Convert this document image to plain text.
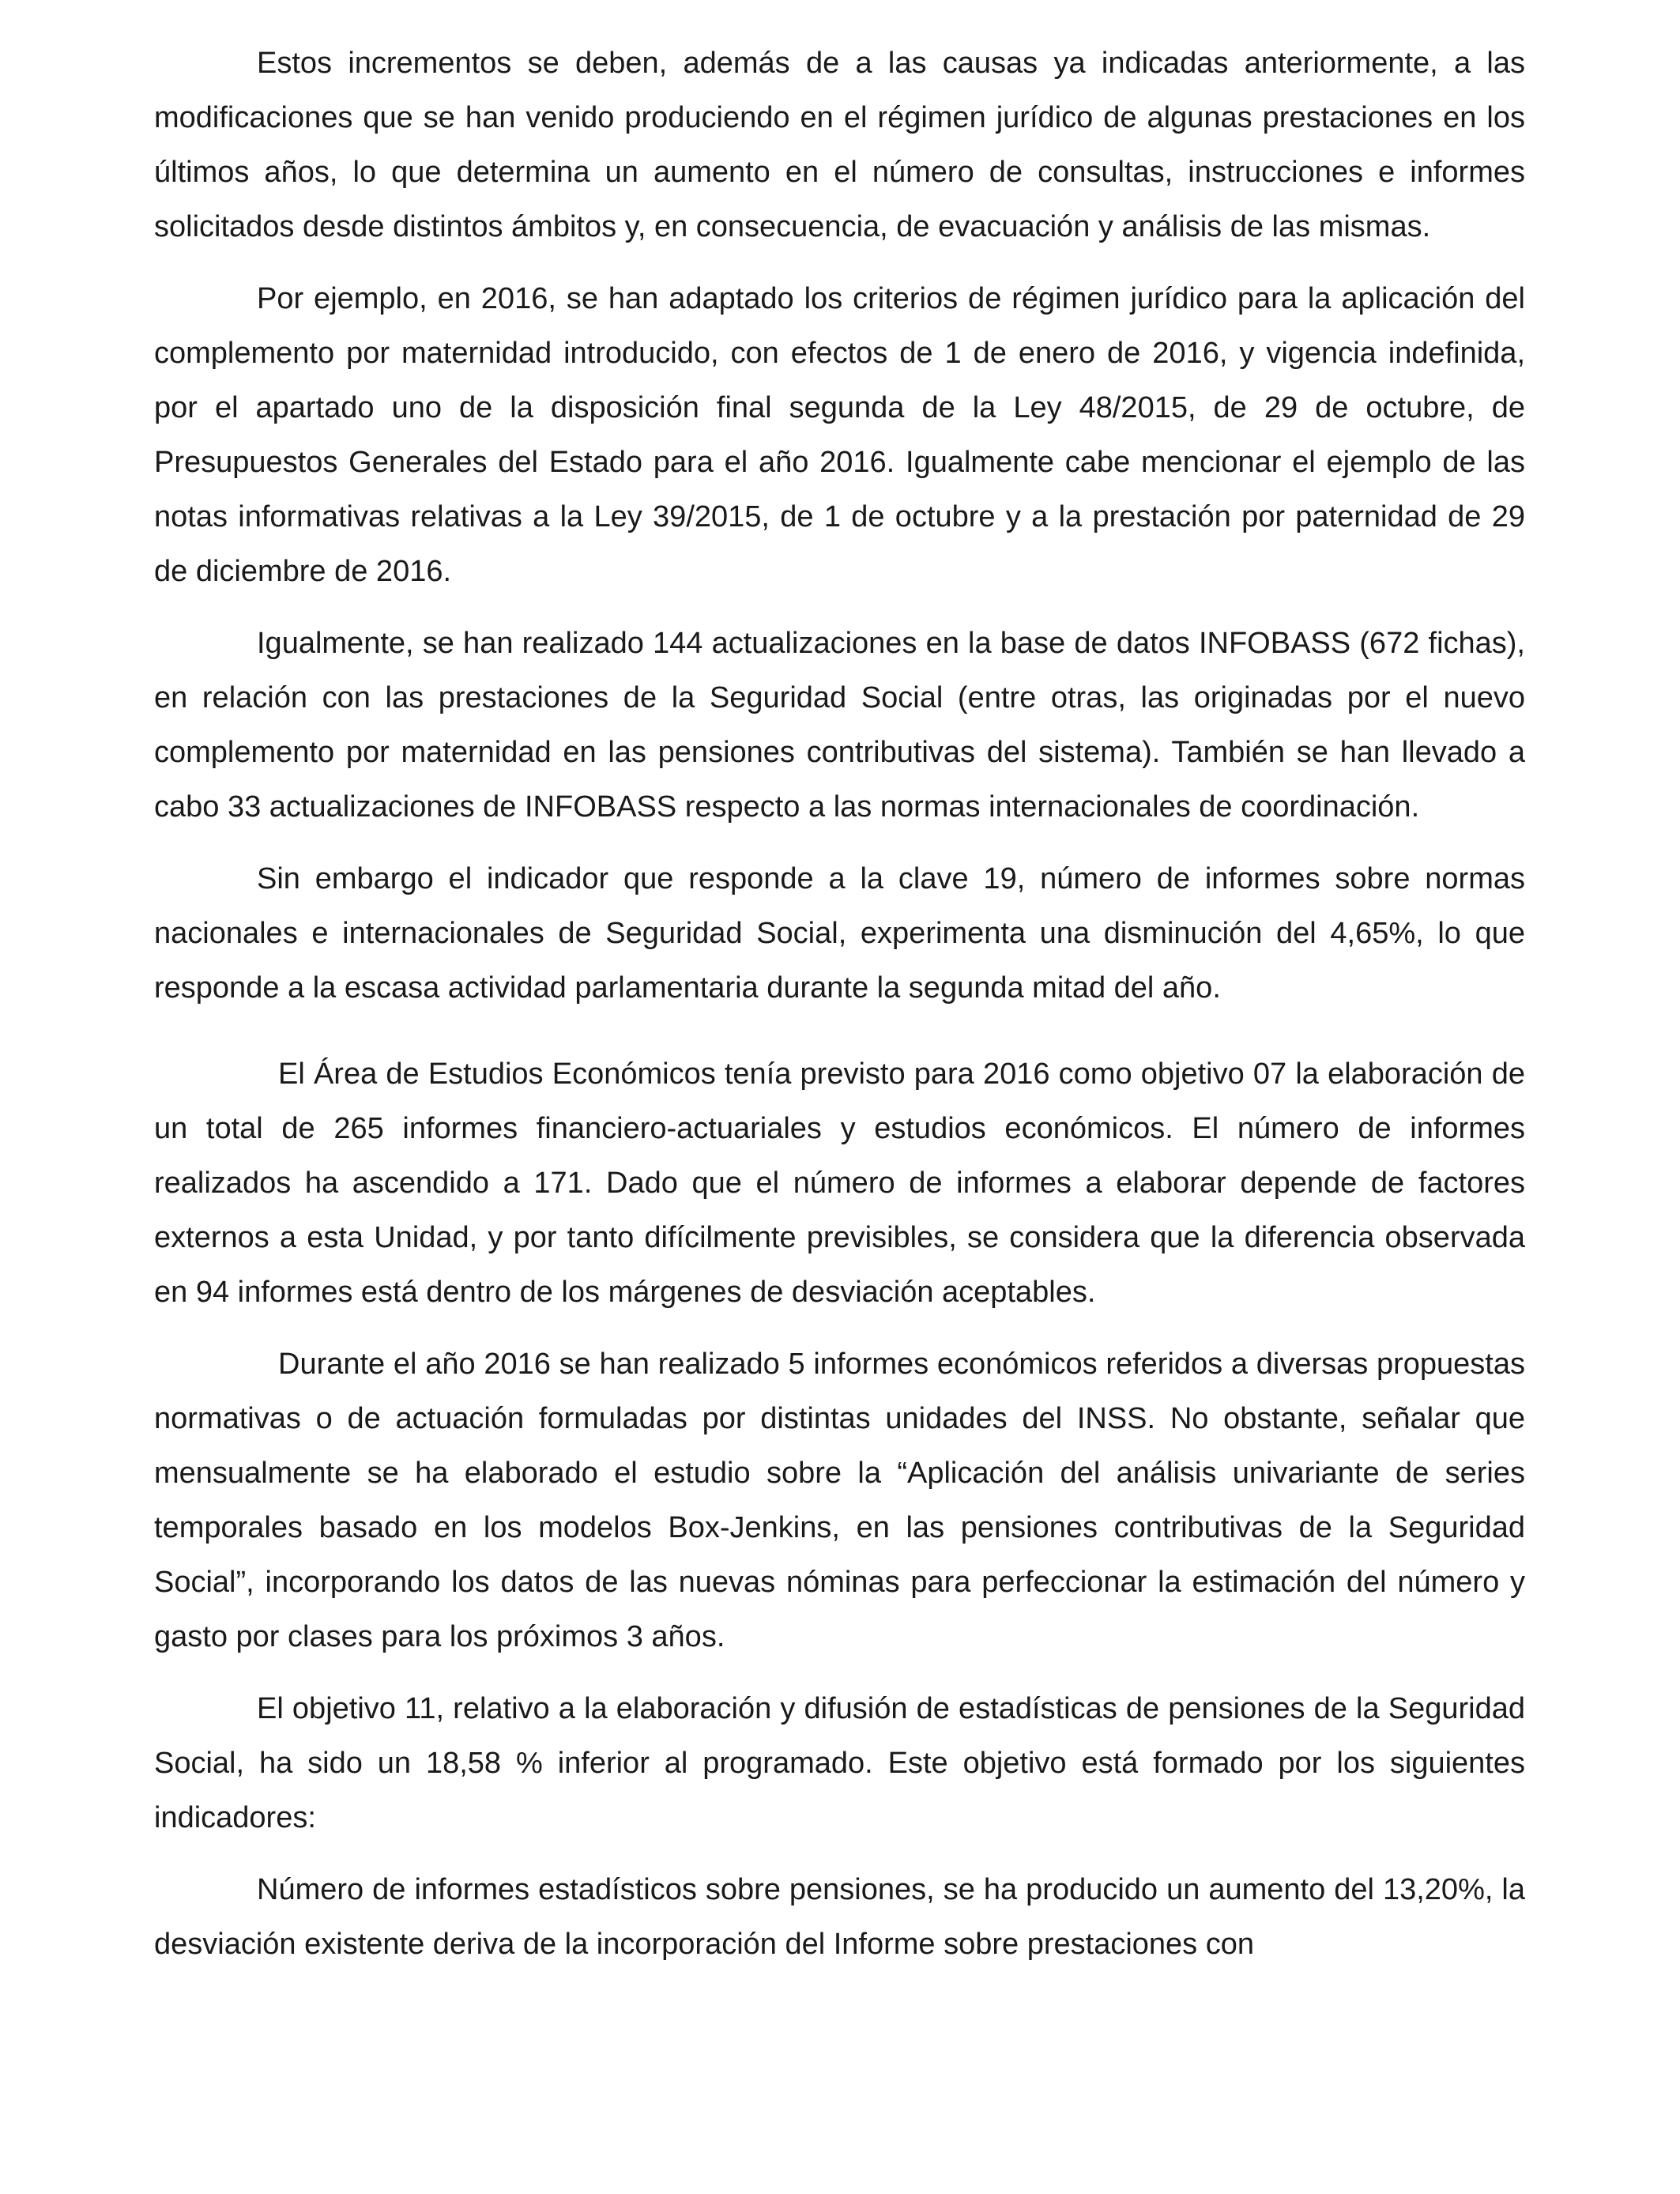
Estos incrementos se deben, además de a las causas ya indicadas anteriormente, a las modificaciones que se han venido produciendo en el régimen jurídico de algunas prestaciones en los últimos años, lo que determina un aumento en el número de consultas, instrucciones e informes solicitados desde distintos ámbitos y, en consecuencia, de evacuación y análisis de las mismas.

Por ejemplo, en 2016, se han adaptado los criterios de régimen jurídico para la aplicación del complemento por maternidad introducido, con efectos de 1 de enero de 2016, y vigencia indefinida, por el apartado uno de la disposición final segunda de la Ley 48/2015, de 29 de octubre, de Presupuestos Generales del Estado para el año 2016. Igualmente cabe mencionar el ejemplo de las notas informativas relativas a la Ley 39/2015, de 1 de octubre y a la prestación por paternidad de 29 de diciembre de 2016.

Igualmente, se han realizado 144 actualizaciones en la base de datos INFOBASS (672 fichas), en relación con las prestaciones de la Seguridad Social (entre otras, las originadas por el nuevo complemento por maternidad en las pensiones contributivas del sistema). También se han llevado a cabo 33 actualizaciones de INFOBASS respecto a las normas internacionales de coordinación.

Sin embargo el indicador que responde a la clave 19, número de informes sobre normas nacionales e internacionales de Seguridad Social, experimenta una disminución del 4,65%, lo que responde a la escasa actividad parlamentaria durante la segunda mitad del año.

El Área de Estudios Económicos tenía previsto para 2016 como objetivo 07 la elaboración de un total de 265 informes financiero-actuariales y estudios económicos. El número de informes realizados ha ascendido a 171. Dado que el número de informes a elaborar depende de factores externos a esta Unidad, y por tanto difícilmente previsibles, se considera que la diferencia observada en 94 informes está dentro de los márgenes de desviación aceptables.

Durante el año 2016 se han realizado 5 informes económicos referidos a diversas propuestas normativas o de actuación formuladas por distintas unidades del INSS. No obstante, señalar que mensualmente se ha elaborado el estudio sobre la “Aplicación del análisis univariante de series temporales basado en los modelos Box-Jenkins, en las pensiones contributivas de la Seguridad Social”, incorporando los datos de las nuevas nóminas para perfeccionar la estimación del número y gasto por clases para los próximos 3 años.

El objetivo 11, relativo a la elaboración y difusión de estadísticas de pensiones de la Seguridad Social, ha sido un 18,58 % inferior al programado. Este objetivo está formado por los siguientes indicadores:

Número de informes estadísticos sobre pensiones, se ha producido un aumento del 13,20%, la desviación existente deriva de la incorporación del Informe sobre prestaciones con
